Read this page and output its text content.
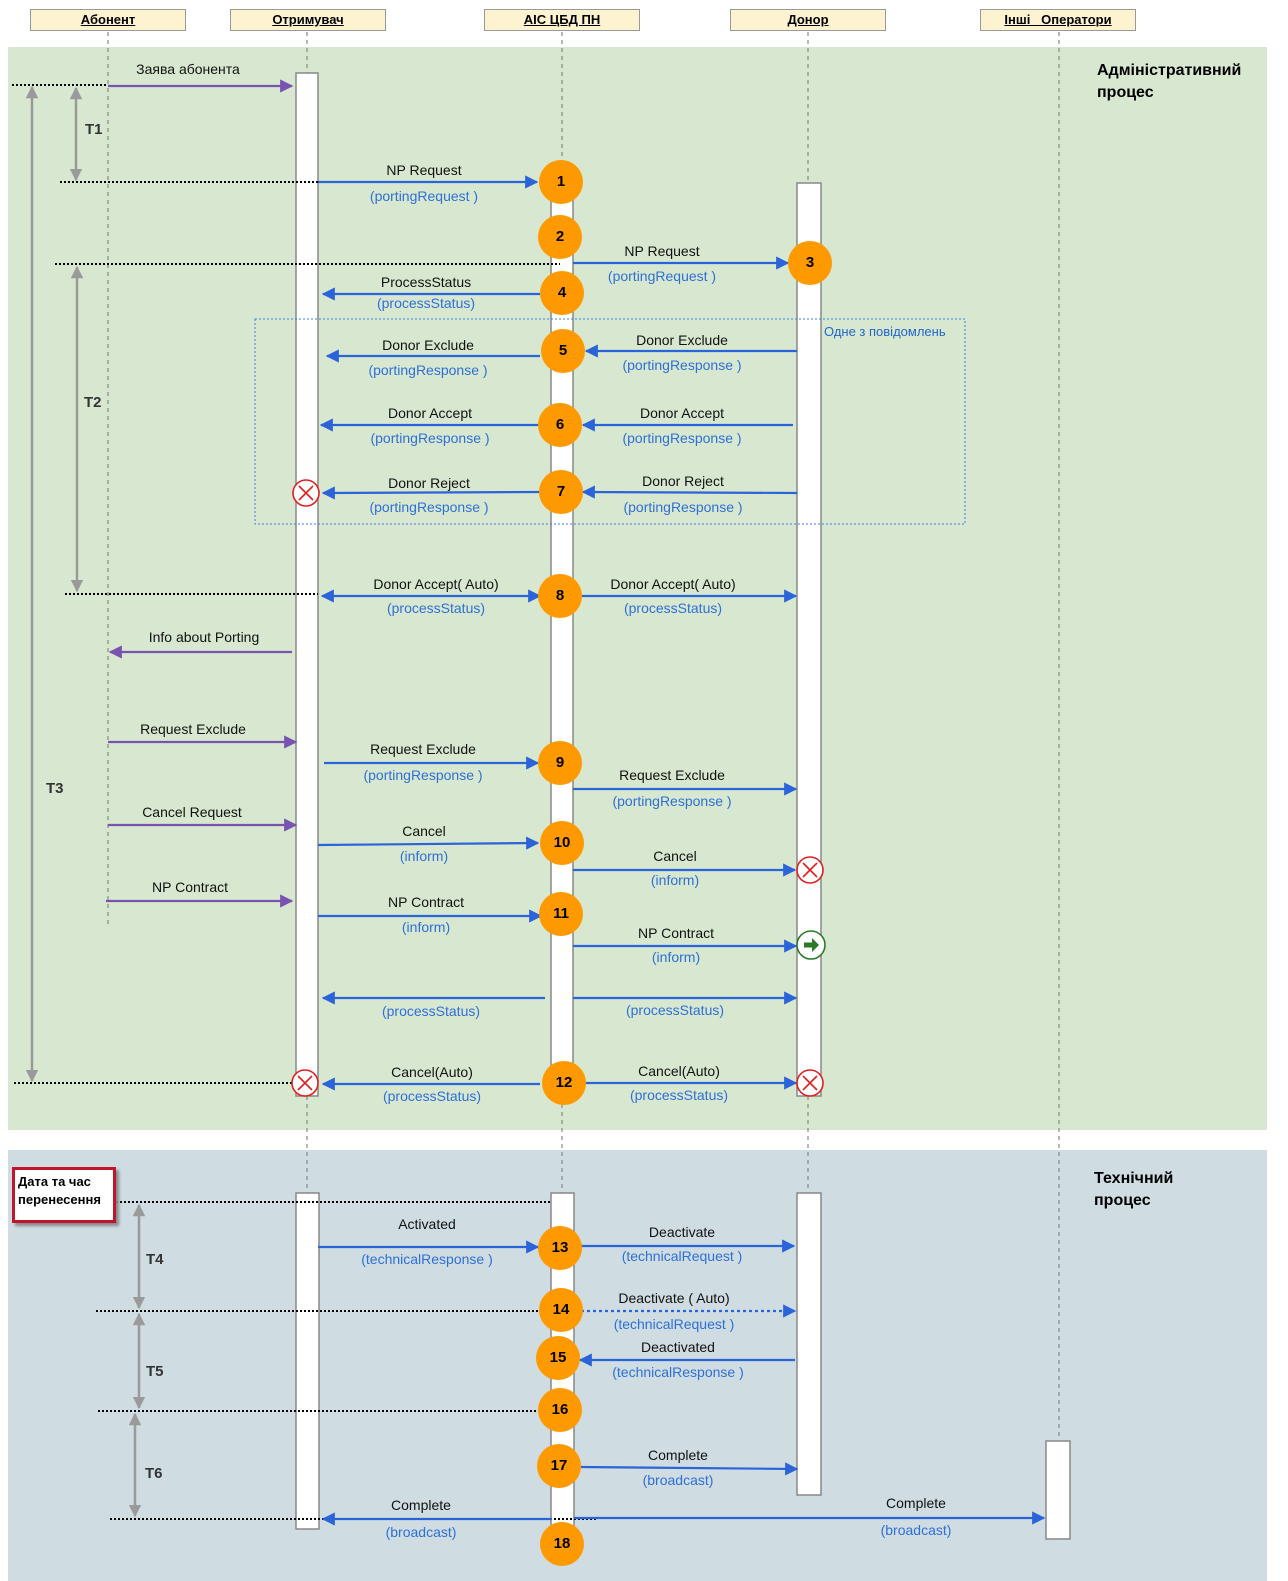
Абонент	Отримувач	АІС ЦБД ПН	Донор	Інші   Оператори
Адміністративний
процес
Технічний
процес
T1
T2
T3
T4
T5
T6
Дата та час
перенесення
Одне з повідомлень
Заява абонента
NP Request
(portingRequest )
NP Request
(portingRequest )
ProcessStatus
(processStatus)
Donor Exclude
(portingResponse )
Donor Exclude
(portingResponse )
Donor Accept
(portingResponse )
Donor Accept
(portingResponse )
Donor Reject
(portingResponse )
Donor Reject
(portingResponse )
Donor Accept( Auto)
(processStatus)
Donor Accept( Auto)
(processStatus)
Info about Porting
Request Exclude
Request Exclude
(portingResponse )	Request Exclude
(portingResponse )
Cancel Request
Cancel
(inform)	Cancel
(inform)
NP Contract
NP Contract
(inform)	NP Contract
(inform)
(processStatus)	(processStatus)
Cancel(Auto)
(processStatus)
Cancel(Auto)
(processStatus)
Activated
(technicalResponse )
Deactivate
(technicalRequest )
Deactivate ( Auto)
(technicalRequest )
Deactivated
(technicalResponse )
Complete
(broadcast)
Complete
(broadcast)
Complete
(broadcast)
1
2
3
4
5
6
7
8
9
10
11
12
13
14
15
16
17
18
